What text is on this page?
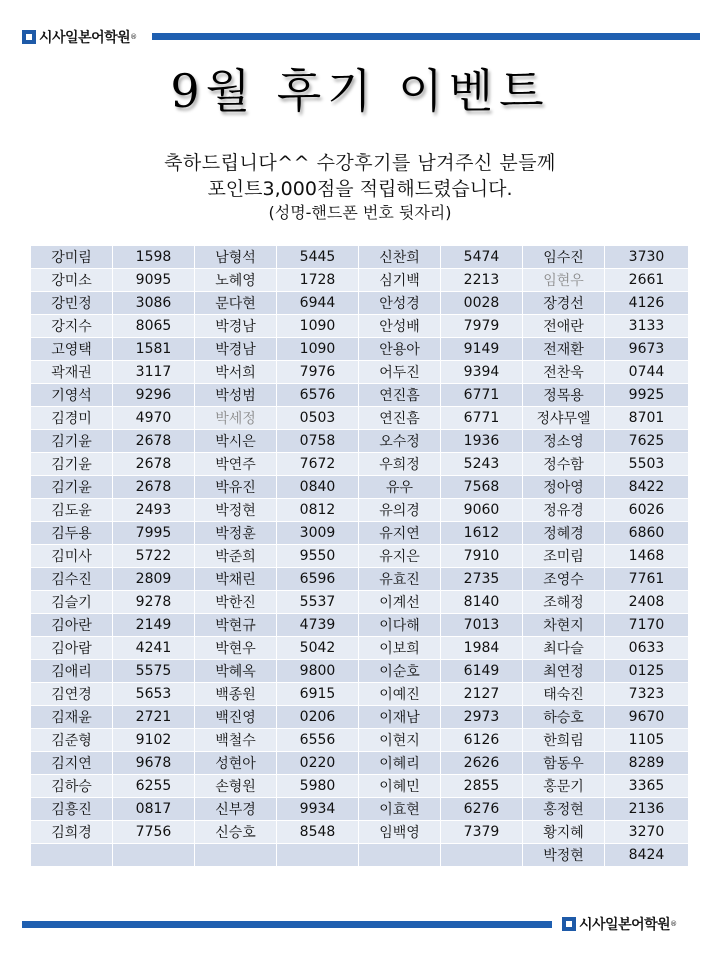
시사일본어학원 ®
9월 후기 이벤트
축하드립니다^^ 수강후기를 남겨주신 분들께
포인트3,000점을 적립해드렸습니다.
(성명-핸드폰 번호 뒷자리)
강미림	1598	남형석	5445	신찬희	5474	임수진	3730
강미소	9095	노혜영	1728	심기백	2213	임현우	2661
강민정	3086	문다현	6944	안성경	0028	장경선	4126
강지수	8065	박경남	1090	안성배	7979	전애란	3133
고영택	1581	박경남	1090	안용아	9149	전재환	9673
곽재권	3117	박서희	7976	어두진	9394	전찬욱	0744
기영석	9296	박성범	6576	연진흠	6771	정목용	9925
김경미	4970	박세정	0503	연진흠	6771	정샤무엘	8701
김기윤	2678	박시은	0758	오수정	1936	정소영	7625
김기윤	2678	박연주	7672	우희정	5243	정수함	5503
김기윤	2678	박유진	0840	유우	7568	정아영	8422
김도윤	2493	박정현	0812	유의경	9060	정유경	6026
김두용	7995	박정훈	3009	유지연	1612	정혜경	6860
김미사	5722	박준희	9550	유지은	7910	조미림	1468
김수진	2809	박채린	6596	유효진	2735	조영수	7761
김슬기	9278	박한진	5537	이계선	8140	조해정	2408
김아란	2149	박현규	4739	이다해	7013	차현지	7170
김아람	4241	박현우	5042	이보희	1984	최다슬	0633
김애리	5575	박혜옥	9800	이순호	6149	최연정	0125
김연경	5653	백종원	6915	이예진	2127	태숙진	7323
김재윤	2721	백진영	0206	이재남	2973	하승호	9670
김준형	9102	백철수	6556	이현지	6126	한희림	1105
김지연	9678	성현아	0220	이혜리	2626	함동우	8289
김하승	6255	손형원	5980	이혜민	2855	홍문기	3365
김흥진	0817	신부경	9934	이효현	6276	홍정현	2136
김희경	7756	신승호	8548	임백영	7379	황지혜	3270
						박정현	8424
시사일본어학원 ®
